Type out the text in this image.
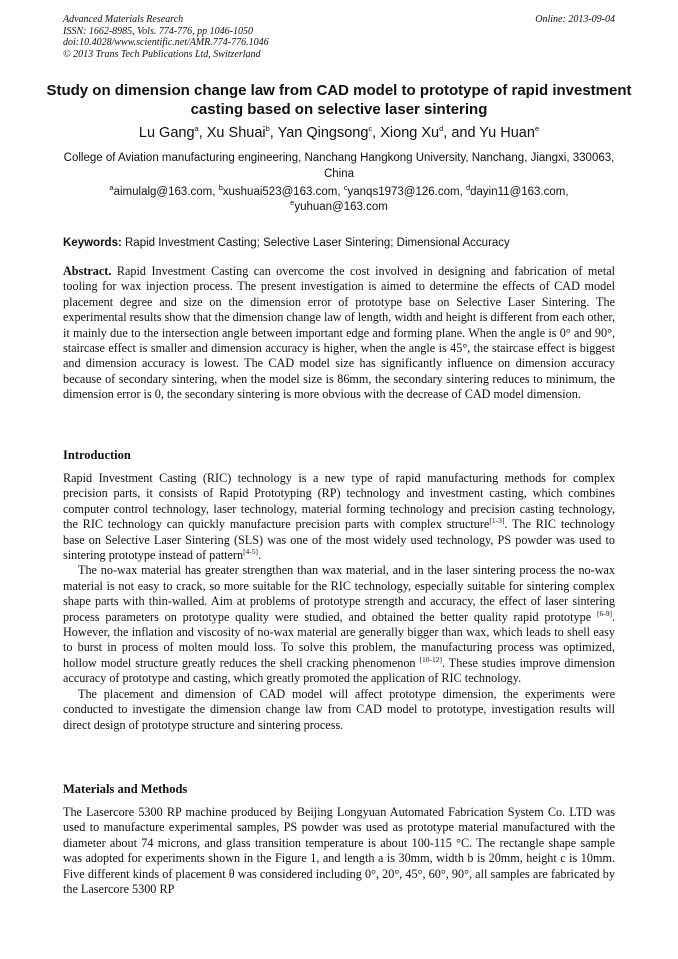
Advanced Materials Research
ISSN: 1662-8985, Vols. 774-776, pp 1046-1050
doi:10.4028/www.scientific.net/AMR.774-776.1046
© 2013 Trans Tech Publications Ltd, Switzerland
Online: 2013-09-04
Study on dimension change law from CAD model to prototype of rapid investment casting based on selective laser sintering
Lu Gang$^a$, Xu Shuai$^b$, Yan Qingsong$^c$, Xiong Xu$^d$, and Yu Huan$^e$
College of Aviation manufacturing engineering, Nanchang Hangkong University, Nanchang, Jiangxi, 330063, China
$^a$aimulalg@163.com, $^b$xushuai523@163.com, $^c$yanqs1973@126.com, $^d$dayin11@163.com,
$^e$yuhuan@163.com
Keywords: Rapid Investment Casting; Selective Laser Sintering; Dimensional Accuracy

Abstract. Rapid Investment Casting can overcome the cost involved in designing and fabrication of metal tooling for wax injection process. The present investigation is aimed to determine the effects of CAD model placement degree and size on the dimension error of prototype base on Selective Laser Sintering. The experimental results show that the dimension change law of length, width and height is different from each other, it mainly due to the intersection angle between important edge and forming plane. When the angle is 0° and 90°, staircase effect is smaller and dimension accuracy is higher, when the angle is 45°, the staircase effect is biggest and dimension accuracy is lowest. The CAD model size has significantly influence on dimension accuracy because of secondary sintering, when the model size is 86mm, the secondary sintering reduces to minimum, the dimension error is 0, the secondary sintering is more obvious with the decrease of CAD model dimension.

Introduction

Rapid Investment Casting (RIC) technology is a new type of rapid manufacturing methods for complex precision parts, it consists of Rapid Prototyping (RP) technology and investment casting, which combines computer control technology, laser technology, material forming technology and precision casting technology, the RIC technology can quickly manufacture precision parts with complex structure[1-3]. The RIC technology base on Selective Laser Sintering (SLS) was one of the most widely used technology, PS powder was used to sintering prototype instead of pattern[4-5].

The no-wax material has greater strengthen than wax material, and in the laser sintering process the no-wax material is not easy to crack, so more suitable for the RIC technology, especially suitable for sintering complex shape parts with thin-walled. Aim at problems of prototype strength and accuracy, the effect of laser sintering process parameters on prototype quality were studied, and obtained the better quality rapid prototype [6-9]. However, the inflation and viscosity of no-wax material are generally bigger than wax, which leads to shell easy to burst in process of molten mould loss. To solve this problem, the manufacturing process was optimized, hollow model structure greatly reduces the shell cracking phenomenon [10-12]. These studies improve dimension accuracy of prototype and casting, which greatly promoted the application of RIC technology.

The placement and dimension of CAD model will affect prototype dimension, the experiments were conducted to investigate the dimension change law from CAD model to prototype, investigation results will direct design of prototype structure and sintering process.

Materials and Methods

The Lasercore 5300 RP machine produced by Beijing Longyuan Automated Fabrication System Co. LTD was used to manufacture experimental samples, PS powder was used as prototype material manufactured with the diameter about 74 microns, and glass transition temperature is about 100-115 °C. The rectangle shape sample was adopted for experiments shown in the Figure 1, and length a is 30mm, width b is 20mm, height c is 10mm. Five different kinds of placement θ was considered including 0°, 20°, 45°, 60°, 90°, all samples are fabricated by the Lasercore 5300 RP
